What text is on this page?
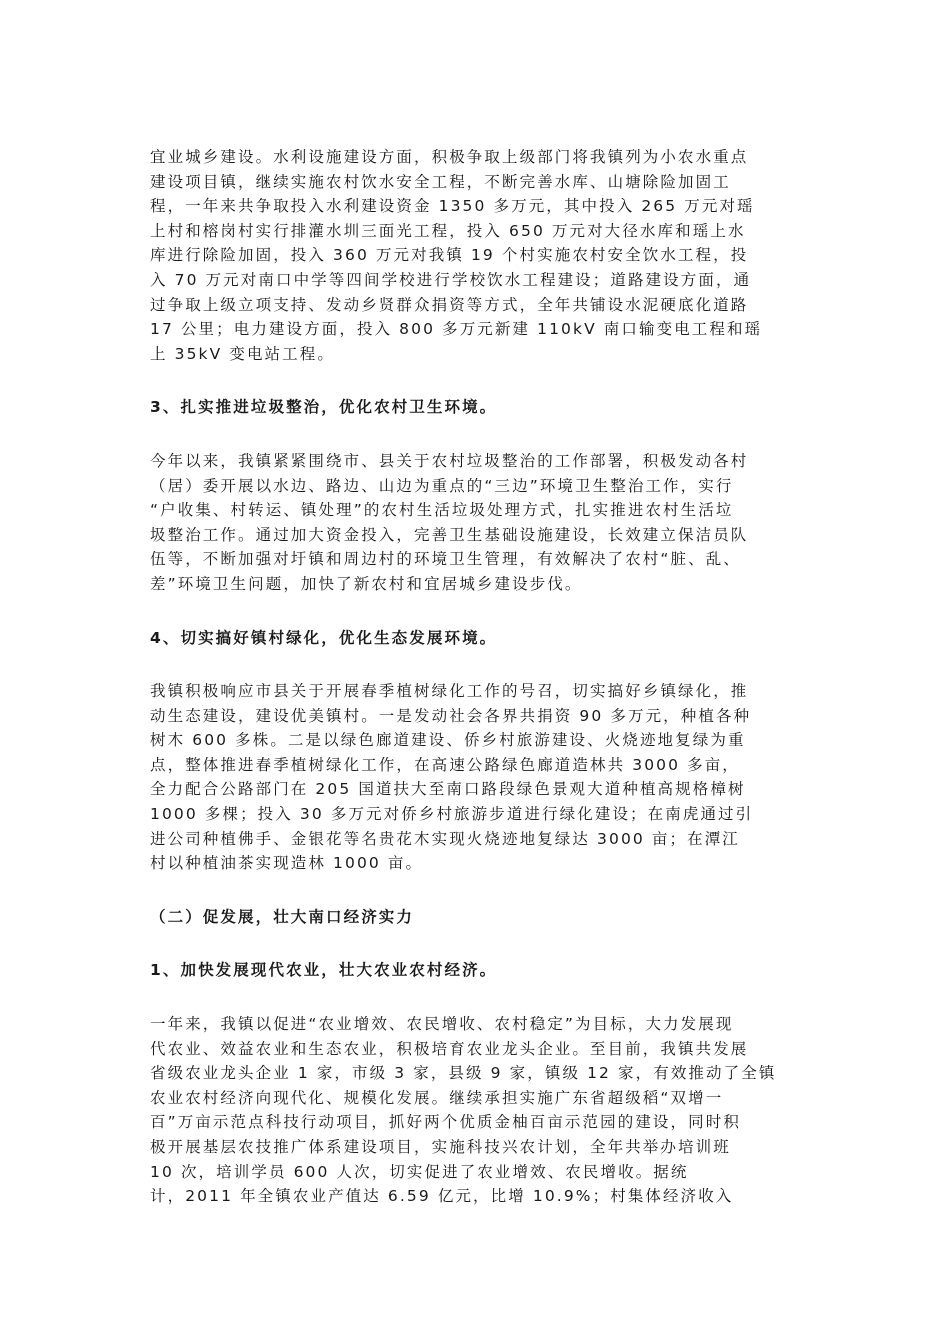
宜业城乡建设。水利设施建设方面，积极争取上级部门将我镇列为小农水重点
建设项目镇，继续实施农村饮水安全工程，不断完善水库、山塘除险加固工
程，一年来共争取投入水利建设资金 1350 多万元，其中投入 265 万元对瑶
上村和榕岗村实行排灌水圳三面光工程，投入 650 万元对大径水库和瑶上水
库进行除险加固，投入 360 万元对我镇 19 个村实施农村安全饮水工程，投
入 70 万元对南口中学等四间学校进行学校饮水工程建设；道路建设方面，通
过争取上级立项支持、发动乡贤群众捐资等方式，全年共铺设水泥硬底化道路
17 公里；电力建设方面，投入 800 多万元新建 110kV 南口输变电工程和瑶
上 35kV 变电站工程。
3、扎实推进垃圾整治，优化农村卫生环境。
今年以来，我镇紧紧围绕市、县关于农村垃圾整治的工作部署，积极发动各村
（居）委开展以水边、路边、山边为重点的“三边”环境卫生整治工作，实行
“户收集、村转运、镇处理”的农村生活垃圾处理方式，扎实推进农村生活垃
圾整治工作。通过加大资金投入，完善卫生基础设施建设，长效建立保洁员队
伍等，不断加强对圩镇和周边村的环境卫生管理，有效解决了农村“脏、乱、
差”环境卫生问题，加快了新农村和宜居城乡建设步伐。
4、切实搞好镇村绿化，优化生态发展环境。
我镇积极响应市县关于开展春季植树绿化工作的号召，切实搞好乡镇绿化，推
动生态建设，建设优美镇村。一是发动社会各界共捐资 90 多万元，种植各种
树木 600 多株。二是以绿色廊道建设、侨乡村旅游建设、火烧迹地复绿为重
点，整体推进春季植树绿化工作，在高速公路绿色廊道造林共 3000 多亩，
全力配合公路部门在 205 国道扶大至南口路段绿色景观大道种植高规格樟树
1000 多棵；投入 30 多万元对侨乡村旅游步道进行绿化建设；在南虎通过引
进公司种植佛手、金银花等名贵花木实现火烧迹地复绿达 3000 亩；在潭江
村以种植油茶实现造林 1000 亩。
（二）促发展，壮大南口经济实力
1、加快发展现代农业，壮大农业农村经济。
一年来，我镇以促进“农业增效、农民增收、农村稳定”为目标，大力发展现
代农业、效益农业和生态农业，积极培育农业龙头企业。至目前，我镇共发展
省级农业龙头企业 1 家，市级 3 家，县级 9 家，镇级 12 家，有效推动了全镇
农业农村经济向现代化、规模化发展。继续承担实施广东省超级稻“双增一
百”万亩示范点科技行动项目，抓好两个优质金柚百亩示范园的建设，同时积
极开展基层农技推广体系建设项目，实施科技兴农计划，全年共举办培训班
10 次，培训学员 600 人次，切实促进了农业增效、农民增收。据统
计，2011 年全镇农业产值达 6.59 亿元，比增 10.9%；村集体经济收入
